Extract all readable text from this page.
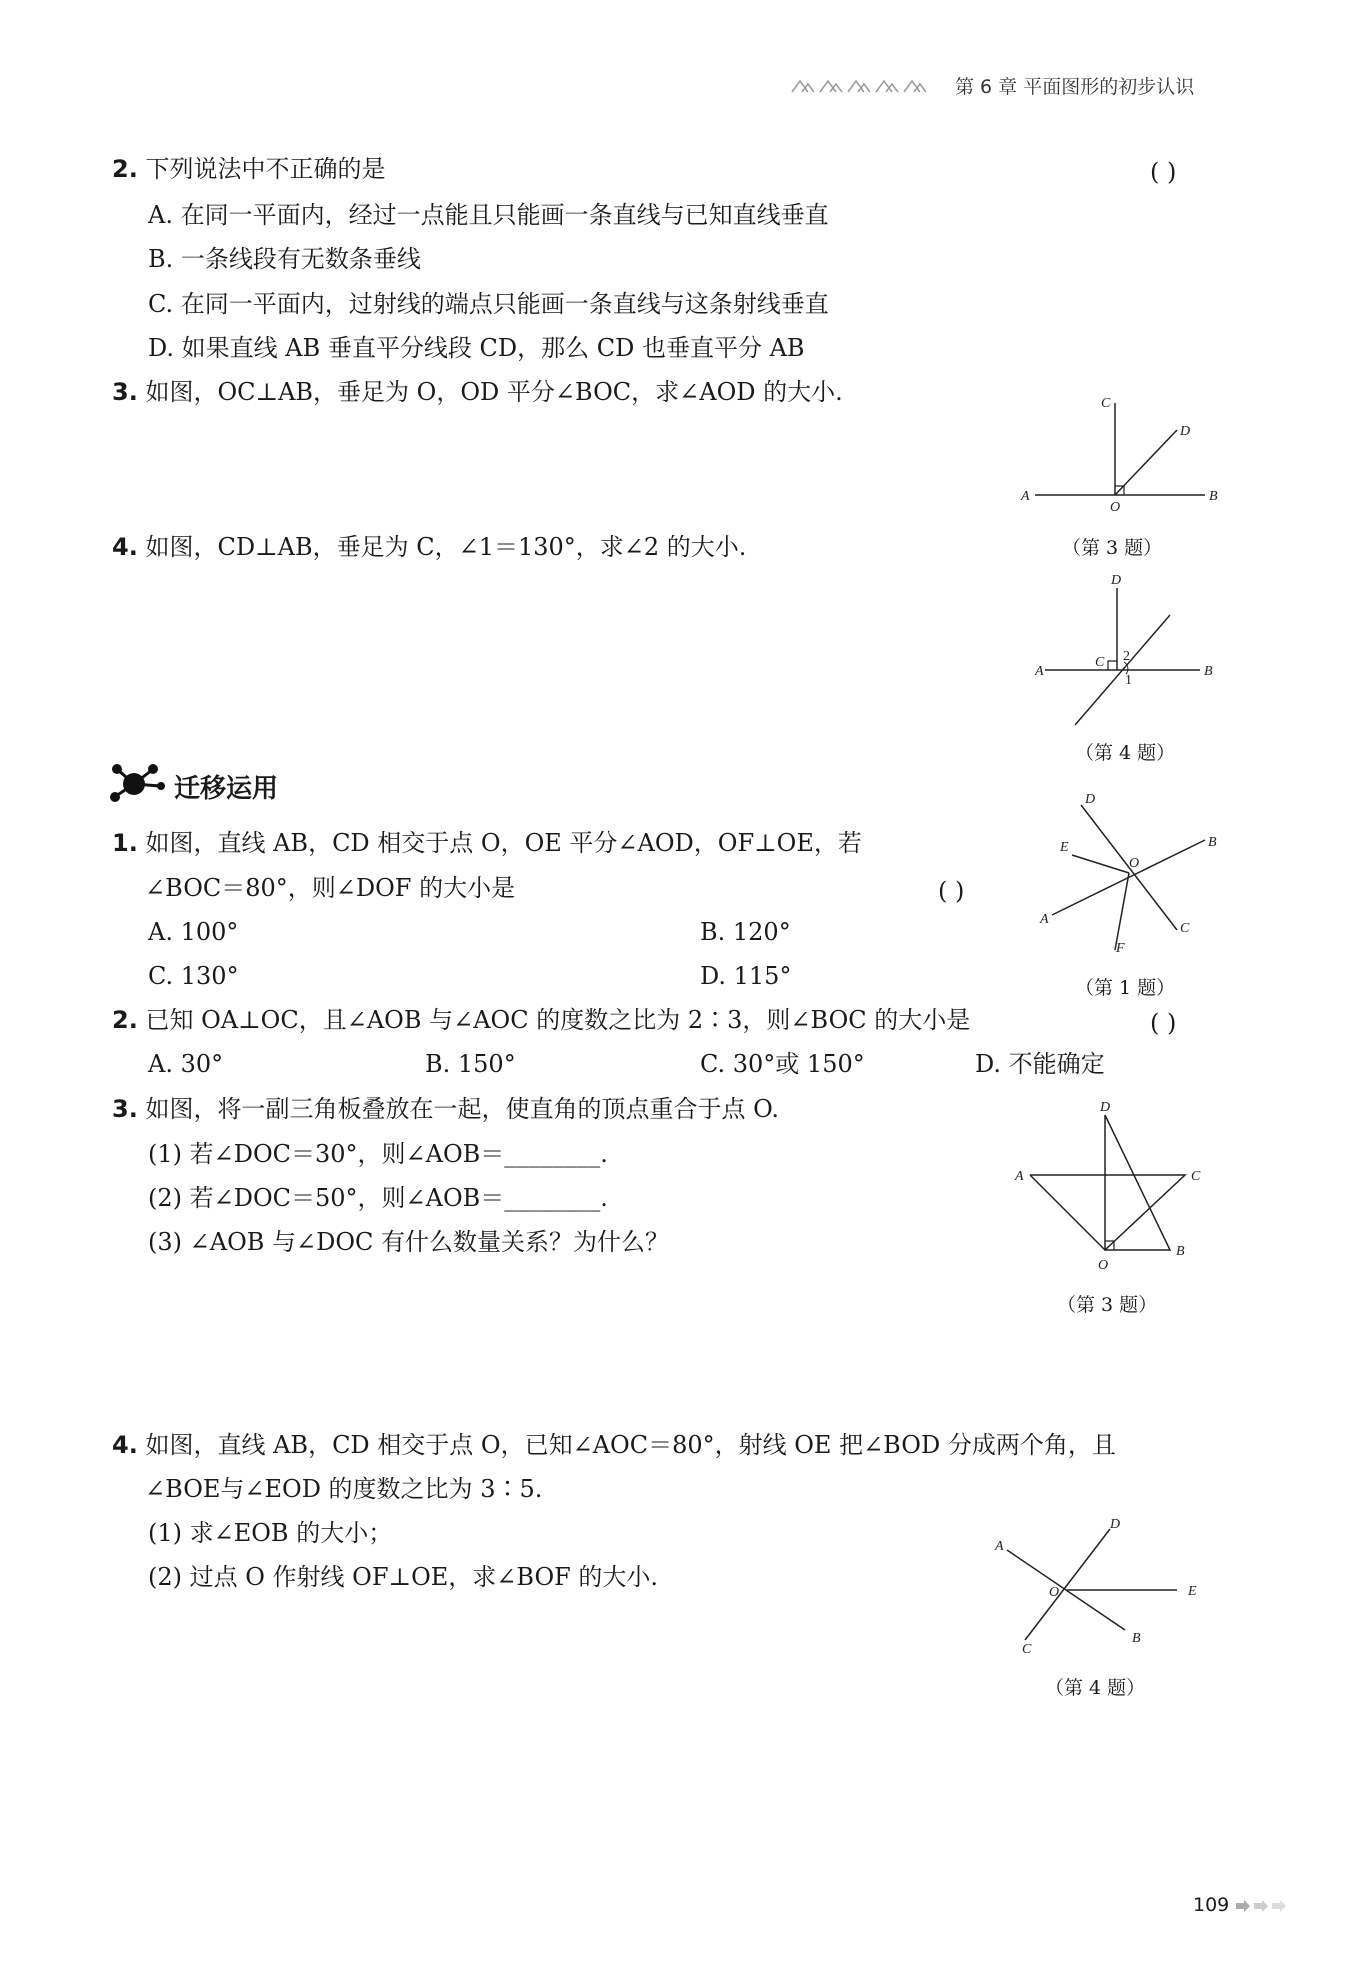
第 6 章 平面图形的初步认识
2. 下列说法中不正确的是	( )
A. 在同一平面内，经过一点能且只能画一条直线与已知直线垂直
B. 一条线段有无数条垂线
C. 在同一平面内，过射线的端点只能画一条直线与这条射线垂直
D. 如果直线 AB 垂直平分线段 CD，那么 CD 也垂直平分 AB
3. 如图，OC⊥AB，垂足为 O，OD 平分∠BOC，求∠AOD 的大小.
A	B
C
D
O
（第 3 题）
4. 如图，CD⊥AB，垂足为 C，∠1＝130°，求∠2 的大小.
A	B
C
D
1
2
（第 4 题）
迁移运用
1. 如图，直线 AB，CD 相交于点 O，OE 平分∠AOD，OF⊥OE，若
∠BOC＝80°，则∠DOF 的大小是	( )
A. 100°	B. 120°
C. 130°	D. 115°
D
E	B
O
A
C
F
（第 1 题）
2. 已知 OA⊥OC，且∠AOB 与∠AOC 的度数之比为 2∶3，则∠BOC 的大小是	( )
A. 30°	B. 150°	C. 30°或 150°	D. 不能确定
3. 如图，将一副三角板叠放在一起，使直角的顶点重合于点 O.
(1) 若∠DOC＝30°，则∠AOB＝________.
(2) 若∠DOC＝50°，则∠AOB＝________.
(3) ∠AOB 与∠DOC 有什么数量关系？为什么？
D
A	C
B
O
（第 3 题）
4. 如图，直线 AB，CD 相交于点 O，已知∠AOC＝80°，射线 OE 把∠BOD 分成两个角，且
∠BOE与∠EOD 的度数之比为 3∶5.
(1) 求∠EOB 的大小；
(2) 过点 O 作射线 OF⊥OE，求∠BOF 的大小.
A
D
E
O
B
C
（第 4 题）
109
